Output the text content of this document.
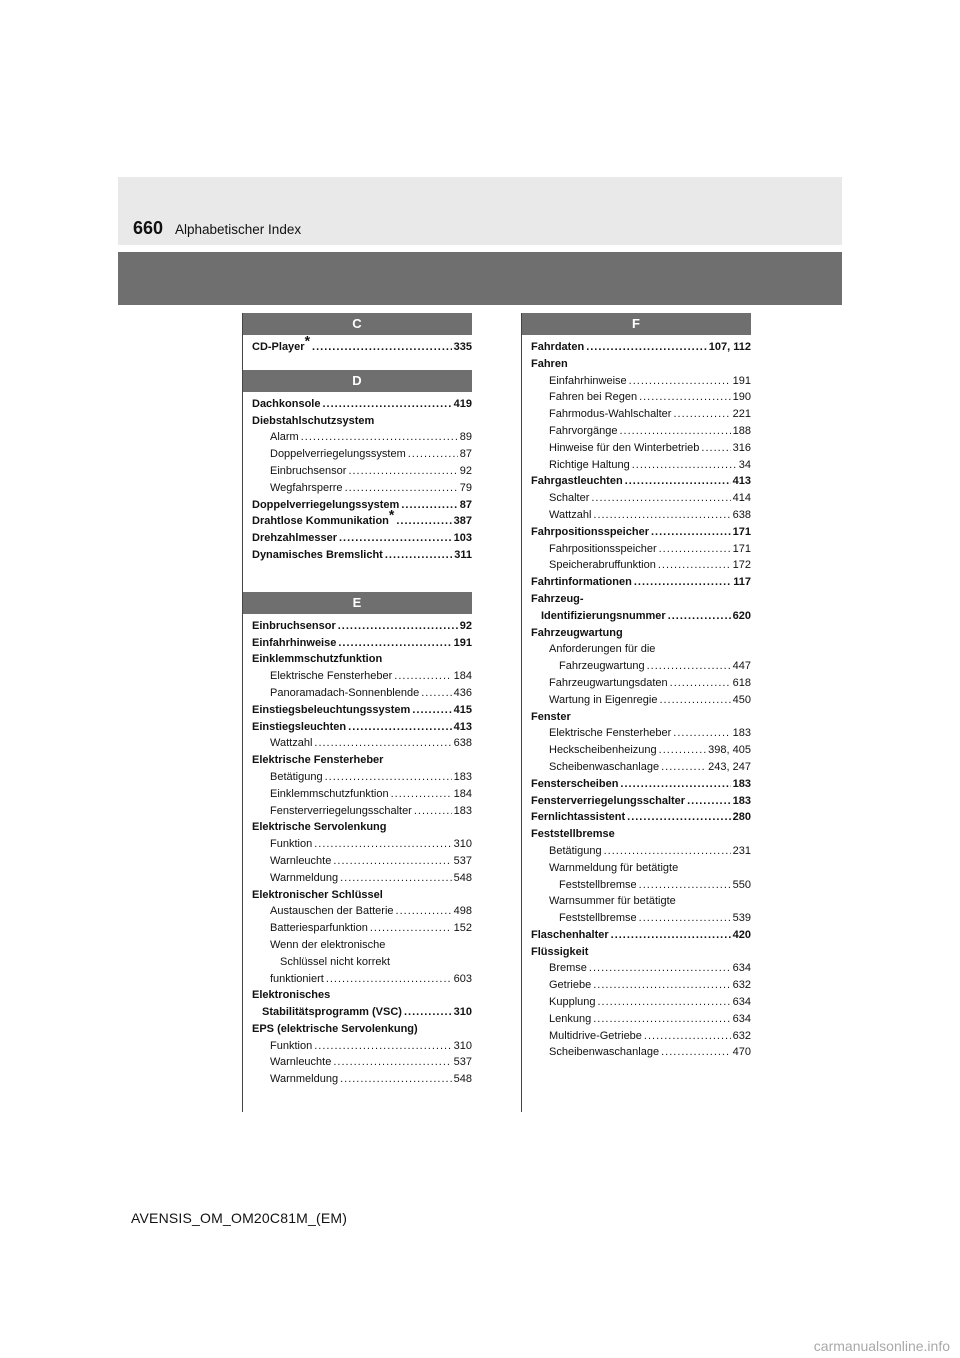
660 Alphabetischer Index
C
CD-Player* .....	335
D
Dachkonsole .....	419
Diebstahlschutzsystem
Alarm .....	89
Doppelverriegelungssystem .....	87
Einbruchsensor .....	92
Wegfahrsperre .....	79
Doppelverriegelungssystem .....	87
Drahtlose Kommunikation* .....	387
Drehzahlmesser .....	103
Dynamisches Bremslicht .....	311
E
Einbruchsensor .....	92
Einfahrhinweise .....	191
Einklemmschutzfunktion
Elektrische Fensterheber .....	184
Panoramadach-Sonnenblende .....	436
Einstiegsbeleuchtungssystem .....	415
Einstiegsleuchten .....	413
Wattzahl .....	638
Elektrische Fensterheber
Betätigung .....	183
Einklemmschutzfunktion .....	184
Fensterverriegelungsschalter .....	183
Elektrische Servolenkung
Funktion .....	310
Warnleuchte .....	537
Warnmeldung .....	548
Elektronischer Schlüssel
Austauschen der Batterie .....	498
Batteriesparfunktion .....	152
Wenn der elektronische
Schlüssel nicht korrekt
funktioniert .....	603
Elektronisches
Stabilitätsprogramm (VSC) .....	310
EPS (elektrische Servolenkung)
Funktion .....	310
Warnleuchte .....	537
Warnmeldung .....	548
F
Fahrdaten .....	107, 112
Fahren
Einfahrhinweise .....	191
Fahren bei Regen .....	190
Fahrmodus-Wahlschalter .....	221
Fahrvorgänge .....	188
Hinweise für den Winterbetrieb .....	316
Richtige Haltung .....	34
Fahrgastleuchten .....	413
Schalter .....	414
Wattzahl .....	638
Fahrpositionsspeicher .....	171
Fahrpositionsspeicher .....	171
Speicherabruffunktion .....	172
Fahrtinformationen .....	117
Fahrzeug-
Identifizierungsnummer .....	620
Fahrzeugwartung
Anforderungen für die
Fahrzeugwartung .....	447
Fahrzeugwartungsdaten .....	618
Wartung in Eigenregie .....	450
Fenster
Elektrische Fensterheber .....	183
Heckscheibenheizung .....	398, 405
Scheibenwaschanlage .....	243, 247
Fensterscheiben .....	183
Fensterverriegelungsschalter .....	183
Fernlichtassistent .....	280
Feststellbremse
Betätigung .....	231
Warnmeldung für betätigte
Feststellbremse .....	550
Warnsummer für betätigte
Feststellbremse .....	539
Flaschenhalter .....	420
Flüssigkeit
Bremse .....	634
Getriebe .....	632
Kupplung .....	634
Lenkung .....	634
Multidrive-Getriebe .....	632
Scheibenwaschanlage .....	470
AVENSIS_OM_OM20C81M_(EM)
carmanualsonline.info
